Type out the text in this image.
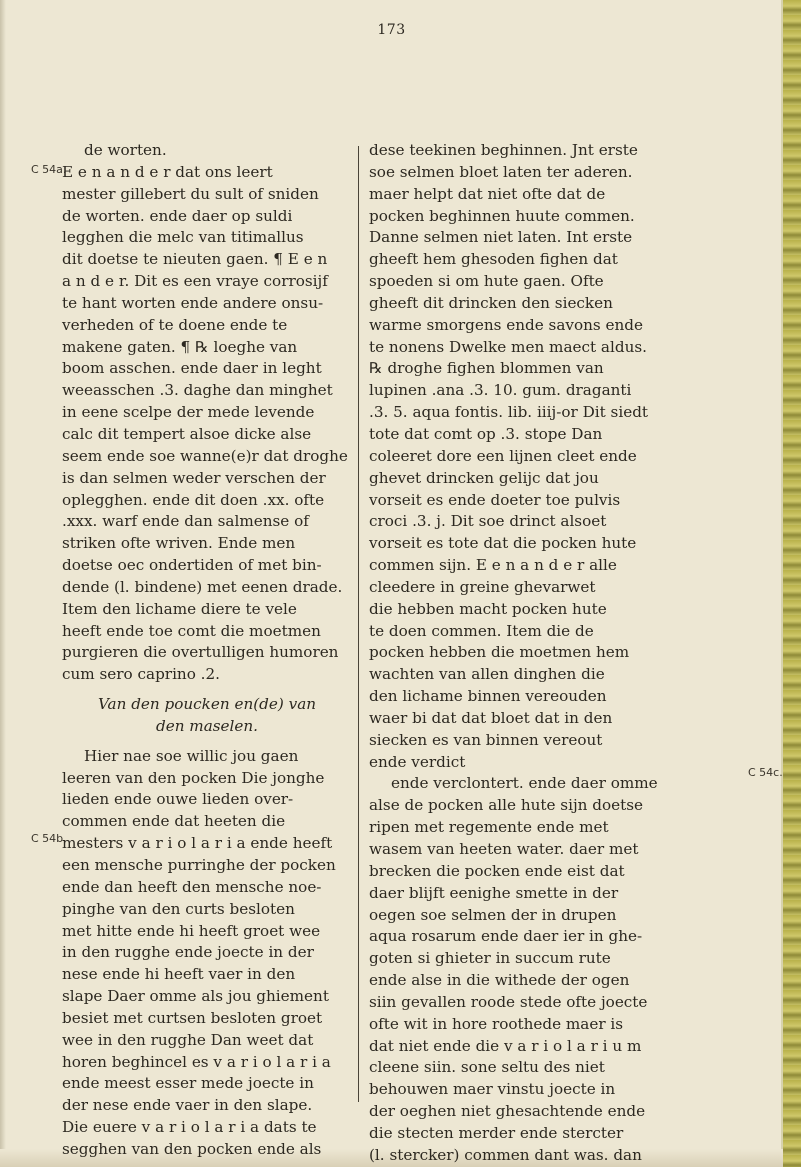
173
C 54a.
C 54b.
C 54c.
de worten.
E e n a n d e r dat ons leert
mester gillebert du sult of sniden
de worten. ende daer op suldi
legghen die melc van titimallus
dit doetse te nieuten gaen. ¶ E e n
a n d e r. Dit es een vraye corrosijf
te hant worten ende andere onsu-
verheden of te doene ende te
makene gaten. ¶ ℞ loeghe van
boom asschen. ende daer in leght
weeasschen .3. daghe dan minghet
in eene scelpe der mede levende
calc dit tempert alsoe dicke alse
seem ende soe wanne(e)r dat droghe
is dan selmen weder verschen der
oplegghen. ende dit doen .xx. ofte
.xxx. warf ende dan salmense of
striken ofte wriven. Ende men
doetse oec ondertiden of met bin-
dende (l. bindene) met eenen drade.
Item den lichame diere te vele
heeft ende toe comt die moetmen
purgieren die overtulligen humoren
cum sero caprino .2.
Van den poucken en(de) van
den maselen.
Hier nae soe willic jou gaen
leeren van den pocken Die jonghe
lieden ende ouwe lieden over-
commen ende dat heeten die
mesters v a r i o l a r i a ende heeft
een mensche purringhe der pocken
ende dan heeft den mensche noe-
pinghe van den curts besloten
met hitte ende hi heeft groet wee
in den rugghe ende joecte in der
nese ende hi heeft vaer in den
slape Daer omme als jou ghiement
besiet met curtsen besloten groet
wee in den rugghe Dan weet dat
horen beghincel es v a r i o l a r i a
ende meest esser mede joecte in
der nese ende vaer in den slape.
Die euere v a r i o l a r i a dats te
segghen van den pocken ende als
dese teekinen beghinnen. Jnt erste
soe selmen bloet laten ter aderen.
maer helpt dat niet ofte dat de
pocken beghinnen huute commen.
Danne selmen niet laten. Int erste
gheeft hem ghesoden fighen dat
spoeden si om hute gaen. Ofte
gheeft dit drincken den siecken
warme smorgens ende savons ende
te nonens Dwelke men maect aldus.
℞ droghe fighen blommen van
lupinen .ana .3. 10. gum. draganti
.3. 5. aqua fontis. lib. iiij-or Dit siedt
tote dat comt op .3. stope Dan
coleeret dore een lijnen cleet ende
ghevet drincken gelijc dat jou
vorseit es ende doeter toe pulvis
croci .3. j. Dit soe drinct alsoet
vorseit es tote dat die pocken hute
commen sijn. E e n a n d e r alle
cleedere in greine ghevarwet
die hebben macht pocken hute
te doen commen. Item die de
pocken hebben die moetmen hem
wachten van allen dinghen die
den lichame binnen vereouden
waer bi dat dat bloet dat in den
siecken es van binnen vereout
ende verdict
ende verclontert. ende daer omme
alse de pocken alle hute sijn doetse
ripen met regemente ende met
wasem van heeten water. daer met
brecken die pocken ende eist dat
daer blijft eenighe smette in der
oegen soe selmen der in drupen
aqua rosarum ende daer ier in ghe-
goten si ghieter in succum rute
ende alse in die withede der ogen
siin gevallen roode stede ofte joecte
ofte wit in hore roothede maer is
dat niet ende die v a r i o l a r i u m
cleene siin. sone seltu des niet
behouwen maer vinstu joecte in
der oeghen niet ghesachtende ende
die stecten merder ende stercter
(l. stercker) commen dant was. dan
